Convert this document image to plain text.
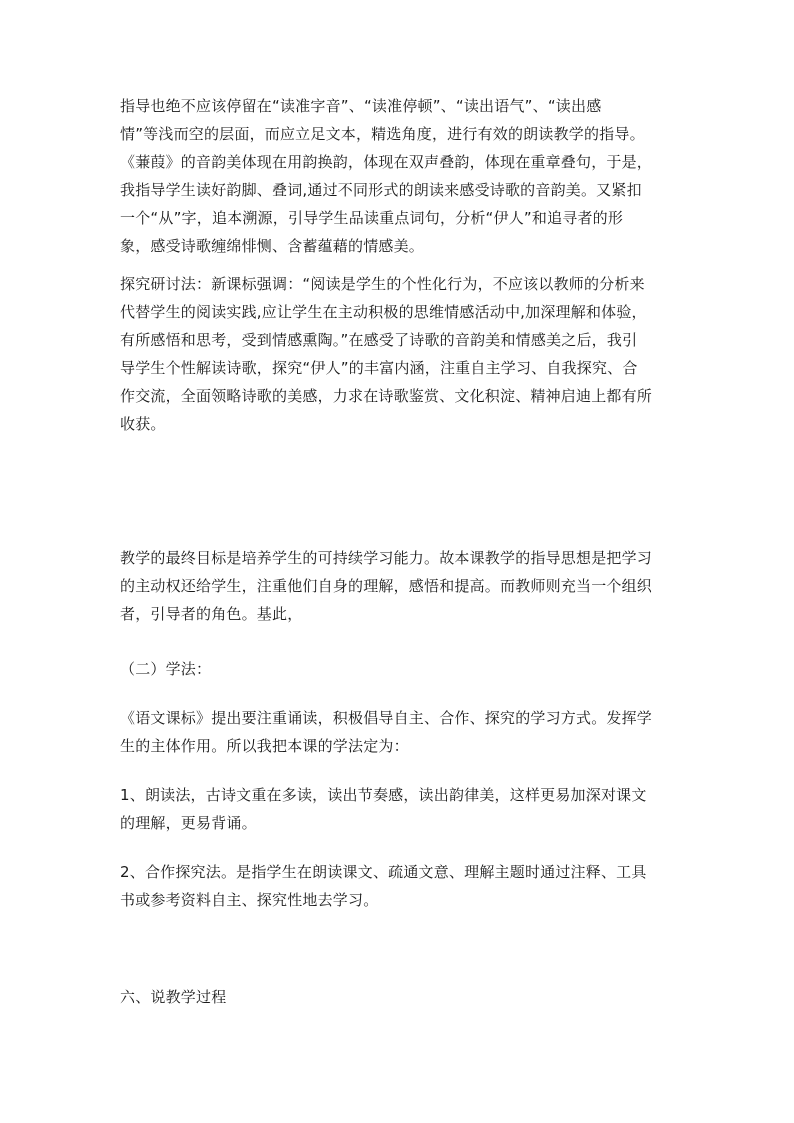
指导也绝不应该停留在“读准字音”、“读准停顿”、“读出语气”、“读出感
情”等浅而空的层面，而应立足文本，精选角度，进行有效的朗读教学的指导。
《蒹葭》的音韵美体现在用韵换韵，体现在双声叠韵，体现在重章叠句，于是，
我指导学生读好韵脚、叠词,通过不同形式的朗读来感受诗歌的音韵美。又紧扣
一个“从”字，追本溯源，引导学生品读重点词句，分析“伊人”和追寻者的形
象，感受诗歌缠绵悱恻、含蓄蕴藉的情感美。

探究研讨法：新课标强调：“阅读是学生的个性化行为，不应该以教师的分析来
代替学生的阅读实践,应让学生在主动积极的思维情感活动中,加深理解和体验，
有所感悟和思考，受到情感熏陶。”在感受了诗歌的音韵美和情感美之后，我引
导学生个性解读诗歌，探究“伊人”的丰富内涵，注重自主学习、自我探究、合
作交流，全面领略诗歌的美感，力求在诗歌鉴赏、文化积淀、精神启迪上都有所
收获。

教学的最终目标是培养学生的可持续学习能力。故本课教学的指导思想是把学习
的主动权还给学生，注重他们自身的理解，感悟和提高。而教师则充当一个组织
者，引导者的角色。基此，

（二）学法：

《语文课标》提出要注重诵读，积极倡导自主、合作、探究的学习方式。发挥学
生的主体作用。所以我把本课的学法定为：

1、朗读法，古诗文重在多读，读出节奏感，读出韵律美，这样更易加深对课文
的理解，更易背诵。

2、合作探究法。是指学生在朗读课文、疏通文意、理解主题时通过注释、工具
书或参考资料自主、探究性地去学习。

六、说教学过程
